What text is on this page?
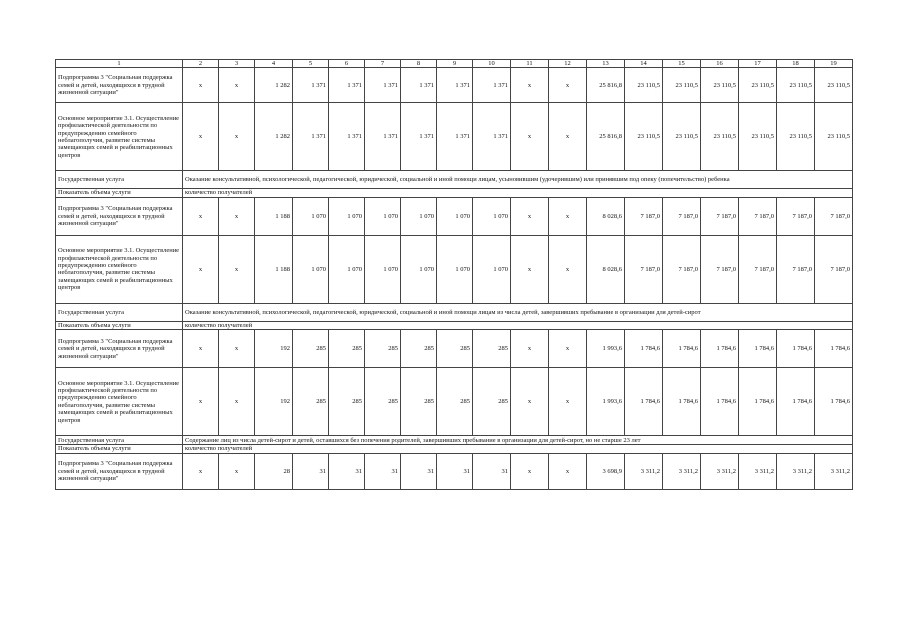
1	2	3	4	5	6	7	8	9	10	11	12	13	14	15	16	17	18	19
Подпрограмма 3 "Социальная поддержка семей и детей, находящихся в трудной жизненной ситуации"	х	х	1 282	1 371	1 371	1 371	1 371	1 371	1 371	х	х	25 816,8	23 110,5	23 110,5	23 110,5	23 110,5	23 110,5	23 110,5
Основное мероприятие 3.1. Осуществление профилактической деятельности по предупреждению семейного неблагополучия, развитие системы замещающих семей и реабилитационных центров	х	х	1 282	1 371	1 371	1 371	1 371	1 371	1 371	х	х	25 816,8	23 110,5	23 110,5	23 110,5	23 110,5	23 110,5	23 110,5
Государственная услуга	Оказание консультативной, психологической, педагогической, юридической, социальной и иной помощи лицам, усыновившим (удочерившим) или принявшим под опеку (попечительство) ребенка																	
Показатель объема услуги	количество получателей																	
Подпрограмма 3 "Социальная поддержка семей и детей, находящихся в трудной жизненной ситуации"	х	х	1 188	1 070	1 070	1 070	1 070	1 070	1 070	х	х	8 028,6	7 187,0	7 187,0	7 187,0	7 187,0	7 187,0	7 187,0
Основное мероприятие 3.1. Осуществление профилактической деятельности по предупреждению семейного неблагополучия, развитие системы замещающих семей и реабилитационных центров	х	х	1 188	1 070	1 070	1 070	1 070	1 070	1 070	х	х	8 028,6	7 187,0	7 187,0	7 187,0	7 187,0	7 187,0	7 187,0
Государственная услуга	Оказание консультативной, психологической, педагогической, юридической, социальной и иной помощи лицам из числа детей, завершивших пребывание в организации для детей-сирот																	
Показатель объема услуги	количество получателей																	
Подпрограмма 3 "Социальная поддержка семей и детей, находящихся в трудной жизненной ситуации"	х	х	192	285	285	285	285	285	285	х	х	1 993,6	1 784,6	1 784,6	1 784,6	1 784,6	1 784,6	1 784,6
Основное мероприятие 3.1. Осуществление профилактической деятельности по предупреждению семейного неблагополучия, развитие системы замещающих семей и реабилитационных центров	х	х	192	285	285	285	285	285	285	х	х	1 993,6	1 784,6	1 784,6	1 784,6	1 784,6	1 784,6	1 784,6
Государственная услуга	Содержание лиц из числа детей-сирот и детей, оставшихся без попечения родителей, завершивших пребывание в организации для детей-сирот, но не старше 23 лет																	
Показатель объема услуги	количество получателей																	
Подпрограмма 3 "Социальная поддержка семей и детей, находящихся в трудной жизненной ситуации"	х	х	28	31	31	31	31	31	31	х	х	3 698,9	3 311,2	3 311,2	3 311,2	3 311,2	3 311,2	3 311,2
